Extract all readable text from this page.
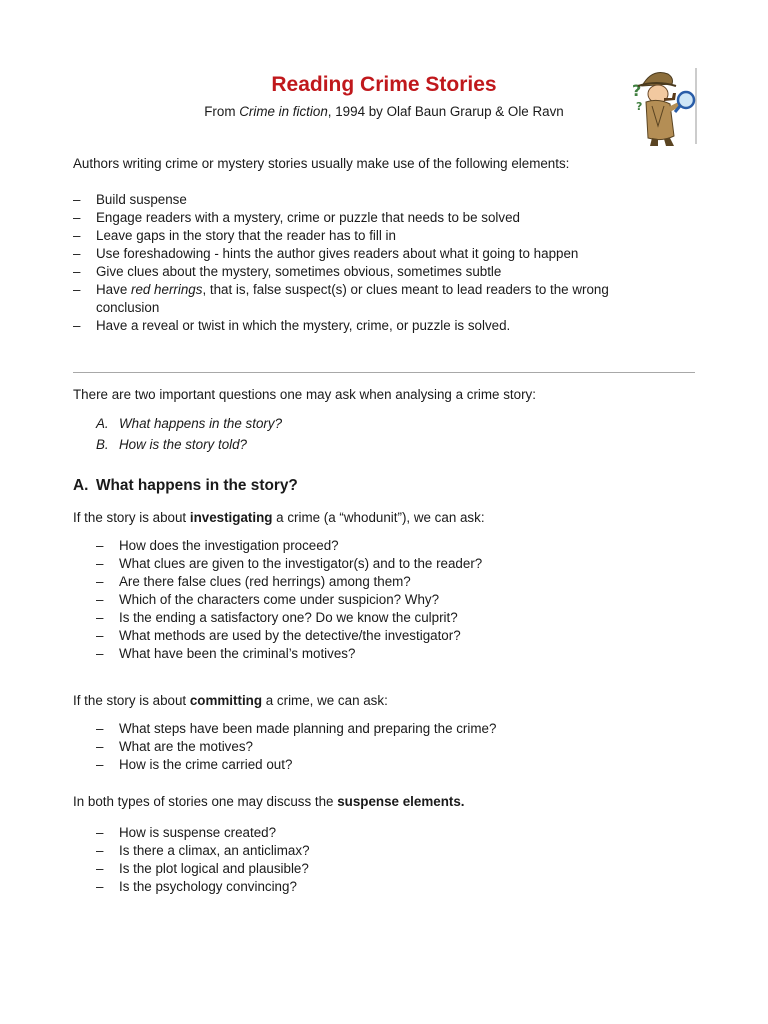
Reading Crime Stories
From Crime in fiction, 1994 by Olaf Baun Grarup & Ole Ravn
?
?
Authors writing crime or mystery stories usually make use of the following elements:
– Build suspense
– Engage readers with a mystery, crime or puzzle that needs to be solved
– Leave gaps in the story that the reader has to fill in
– Use foreshadowing - hints the author gives readers about what it going to happen
– Give clues about the mystery, sometimes obvious, sometimes subtle
– Have red herrings, that is, false suspect(s) or clues meant to lead readers to the wrong
conclusion
– Have a reveal or twist in which the mystery, crime, or puzzle is solved.
There are two important questions one may ask when analysing a crime story:
A. What happens in the story?
B. How is the story told?
A. What happens in the story?
If the story is about investigating a crime (a “whodunit”), we can ask:
– How does the investigation proceed?
– What clues are given to the investigator(s) and to the reader?
– Are there false clues (red herrings) among them?
– Which of the characters come under suspicion? Why?
– Is the ending a satisfactory one? Do we know the culprit?
– What methods are used by the detective/the investigator?
– What have been the criminal’s motives?
If the story is about committing a crime, we can ask:
– What steps have been made planning and preparing the crime?
– What are the motives?
– How is the crime carried out?
In both types of stories one may discuss the suspense elements.
– How is suspense created?
– Is there a climax, an anticlimax?
– Is the plot logical and plausible?
– Is the psychology convincing?
